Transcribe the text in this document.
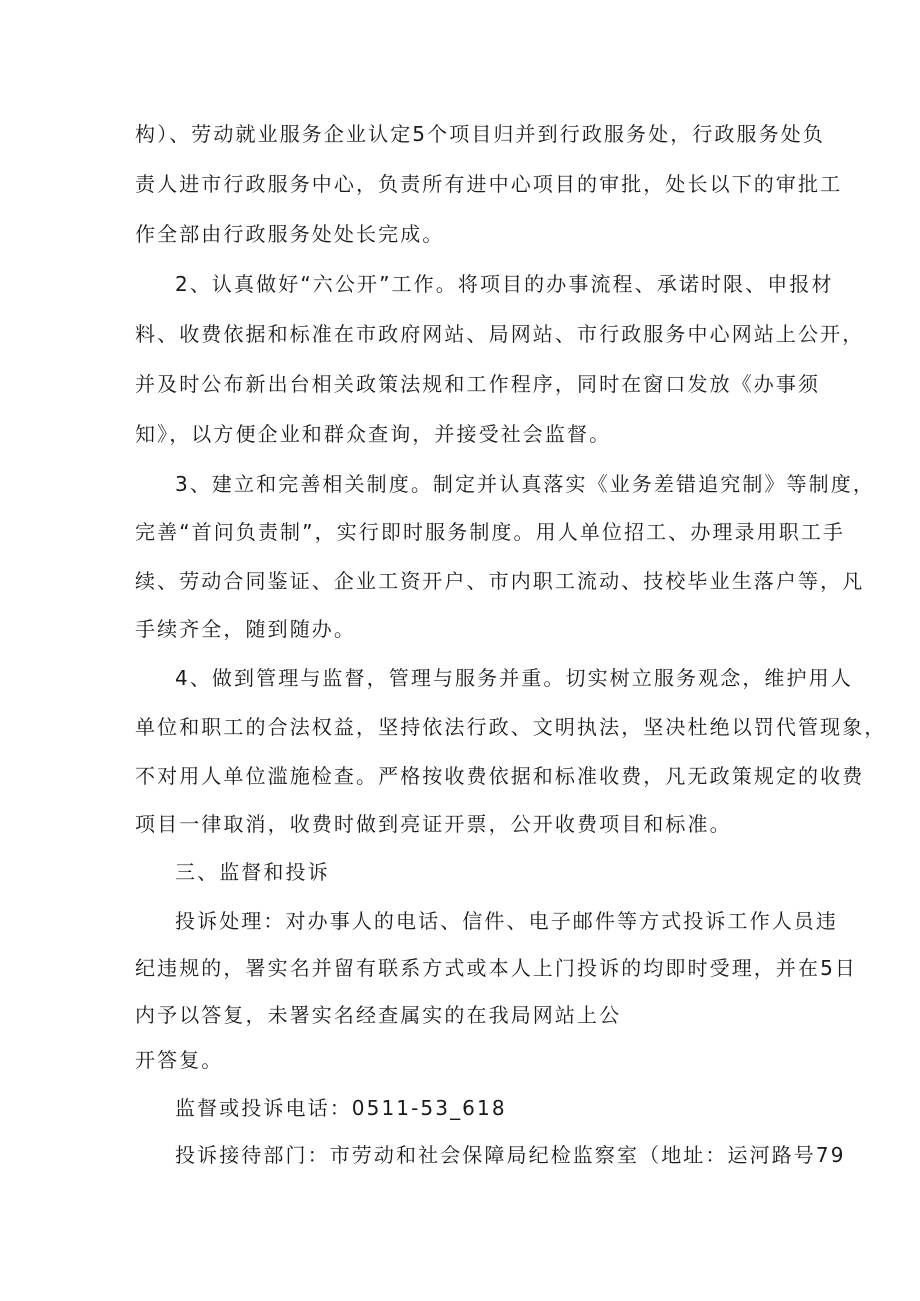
构）、劳动就业服务企业认定5个项目归并到行政服务处，行政服务处负
责人进市行政服务中心，负责所有进中心项目的审批，处长以下的审批工
作全部由行政服务处处长完成。
2、认真做好“六公开”工作。将项目的办事流程、承诺时限、申报材
料、收费依据和标准在市政府网站、局网站、市行政服务中心网站上公开，
并及时公布新出台相关政策法规和工作程序，同时在窗口发放《办事须
知》，以方便企业和群众查询，并接受社会监督。
3、建立和完善相关制度。制定并认真落实《业务差错追究制》等制度，
完善“首问负责制”，实行即时服务制度。用人单位招工、办理录用职工手
续、劳动合同鉴证、企业工资开户、市内职工流动、技校毕业生落户等，凡
手续齐全，随到随办。
4、做到管理与监督，管理与服务并重。切实树立服务观念，维护用人
单位和职工的合法权益，坚持依法行政、文明执法，坚决杜绝以罚代管现象，
不对用人单位滥施检查。严格按收费依据和标准收费，凡无政策规定的收费
项目一律取消，收费时做到亮证开票，公开收费项目和标准。
三、监督和投诉
投诉处理：对办事人的电话、信件、电子邮件等方式投诉工作人员违
纪违规的，署实名并留有联系方式或本人上门投诉的均即时受理，并在5日
内予以答复，未署实名经查属实的在我局网站上公
开答复。
监督或投诉电话：0511-53_618
投诉接待部门：市劳动和社会保障局纪检监察室（地址：运河路号79
